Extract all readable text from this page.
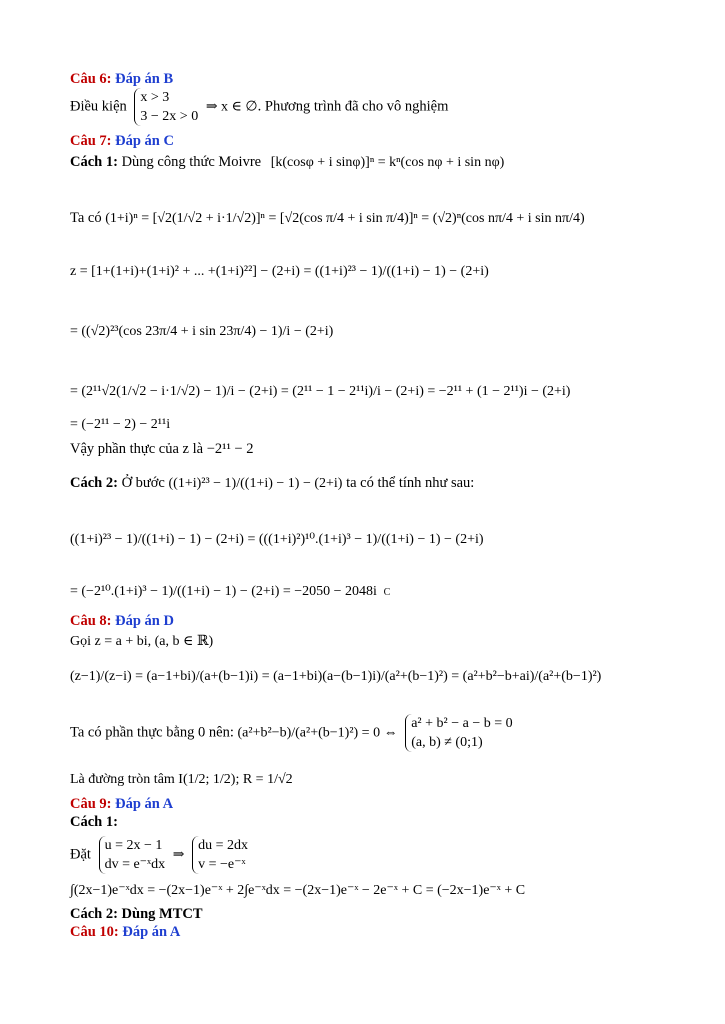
Câu 6: Đáp án B
Điều kiện
x > 3
3 − 2x > 0
⇒ x ∈ ∅. Phương trình đã cho vô nghiệm
Câu 7: Đáp án C
Cách 1: Dùng công thức Moivre [k(cosφ + i sinφ)]ⁿ = kⁿ(cos nφ + i sin nφ)
Ta có (1+i)ⁿ = [√2(1/√2 + i·1/√2)]ⁿ = [√2(cos π/4 + i sin π/4)]ⁿ = (√2)ⁿ(cos nπ/4 + i sin nπ/4)
z = [1+(1+i)+(1+i)² + ... +(1+i)²²] − (2+i) = ((1+i)²³ − 1)/((1+i) − 1) − (2+i)
= ((√2)²³(cos 23π/4 + i sin 23π/4) − 1)/i − (2+i)
= (2¹¹√2(1/√2 − i·1/√2) − 1)/i − (2+i) = (2¹¹ − 1 − 2¹¹i)/i − (2+i) = −2¹¹ + (1 − 2¹¹)i − (2+i)
= (−2¹¹ − 2) − 2¹¹i
Vậy phần thực của z là −2¹¹ − 2
Cách 2: Ở bước ((1+i)²³ − 1)/((1+i) − 1) − (2+i) ta có thể tính như sau:
((1+i)²³ − 1)/((1+i) − 1) − (2+i) = (((1+i)²)¹⁰.(1+i)³ − 1)/((1+i) − 1) − (2+i)
= (−2¹⁰.(1+i)³ − 1)/((1+i) − 1) − (2+i) = −2050 − 2048i C
Câu 8: Đáp án D
Gọi z = a + bi, (a, b ∈ ℝ)
(z−1)/(z−i) = (a−1+bi)/(a+(b−1)i) = (a−1+bi)(a−(b−1)i)/(a²+(b−1)²) = (a²+b²−b+ai)/(a²+(b−1)²)
Ta có phần thực bằng 0 nên: (a²+b²−b)/(a²+(b−1)²) = 0 ⇔
a² + b² − a − b = 0
(a, b) ≠ (0;1)
Là đường tròn tâm I(1/2; 1/2); R = 1/√2
Câu 9: Đáp án A
Cách 1:
Đặt
u = 2x − 1
dv = e⁻ˣdx
⇒
du = 2dx
v = −e⁻ˣ
∫(2x−1)e⁻ˣdx = −(2x−1)e⁻ˣ + 2∫e⁻ˣdx = −(2x−1)e⁻ˣ − 2e⁻ˣ + C = (−2x−1)e⁻ˣ + C
Cách 2: Dùng MTCT
Câu 10: Đáp án A
